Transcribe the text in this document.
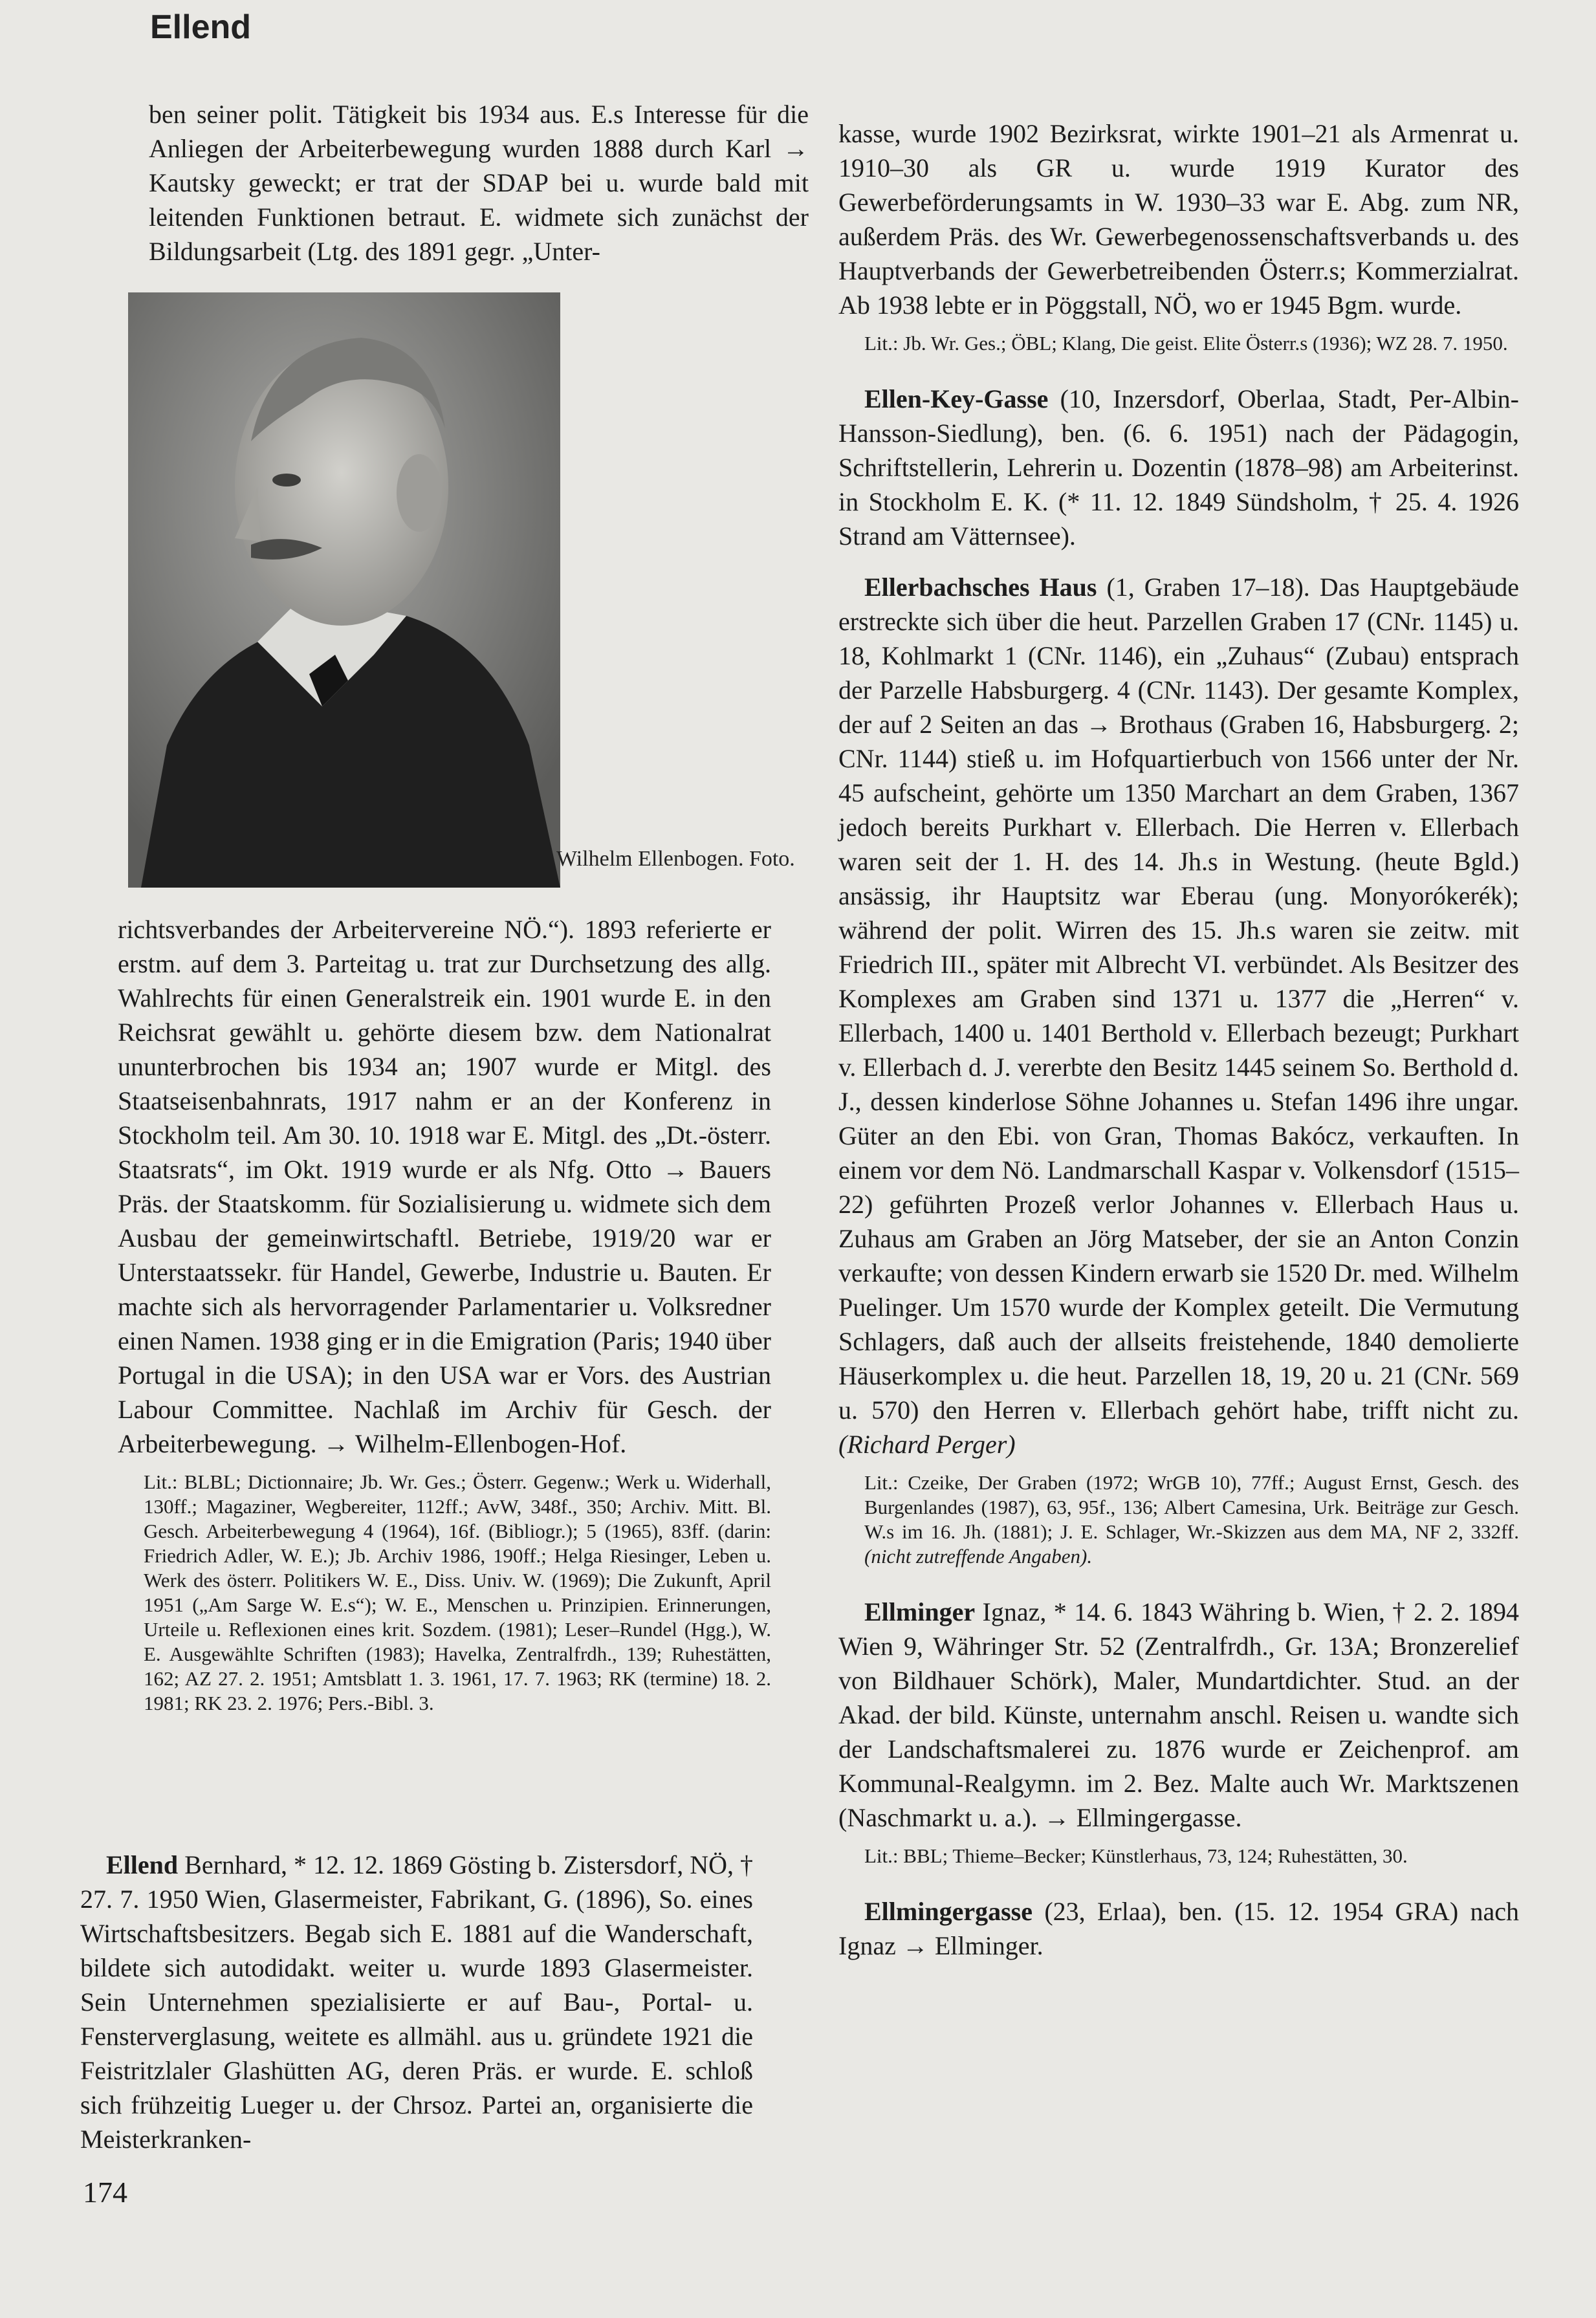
Ellend

ben seiner polit. Tätigkeit bis 1934 aus. E.s Interesse für die Anliegen der Arbeiterbewegung wurden 1888 durch Karl → Kautsky geweckt; er trat der SDAP bei u. wurde bald mit leitenden Funktionen betraut. E. widmete sich zunächst der Bildungsarbeit (Ltg. des 1891 gegr. „Unter-

Wilhelm Ellenbogen. Foto.

richtsverbandes der Arbeitervereine NÖ.“). 1893 referierte er erstm. auf dem 3. Parteitag u. trat zur Durchsetzung des allg. Wahlrechts für einen Generalstreik ein. 1901 wurde E. in den Reichsrat gewählt u. gehörte diesem bzw. dem Nationalrat ununterbrochen bis 1934 an; 1907 wurde er Mitgl. des Staatseisenbahnrats, 1917 nahm er an der Konferenz in Stockholm teil. Am 30. 10. 1918 war E. Mitgl. des „Dt.-österr. Staatsrats“, im Okt. 1919 wurde er als Nfg. Otto → Bauers Präs. der Staatskomm. für Sozialisierung u. widmete sich dem Ausbau der gemeinwirtschaftl. Betriebe, 1919/20 war er Unterstaatssekr. für Handel, Gewerbe, Industrie u. Bauten. Er machte sich als hervorragender Parlamentarier u. Volksredner einen Namen. 1938 ging er in die Emigration (Paris; 1940 über Portugal in die USA); in den USA war er Vors. des Austrian Labour Committee. Nachlaß im Archiv für Gesch. der Arbeiterbewegung. → Wilhelm-Ellenbogen-Hof.

Lit.: BLBL; Dictionnaire; Jb. Wr. Ges.; Österr. Gegenw.; Werk u. Widerhall, 130ff.; Magaziner, Wegbereiter, 112ff.; AvW, 348f., 350; Archiv. Mitt. Bl. Gesch. Arbeiterbewegung 4 (1964), 16f. (Bibliogr.); 5 (1965), 83ff. (darin: Friedrich Adler, W. E.); Jb. Archiv 1986, 190ff.; Helga Riesinger, Leben u. Werk des österr. Politikers W. E., Diss. Univ. W. (1969); Die Zukunft, April 1951 („Am Sarge W. E.s“); W. E., Menschen u. Prinzipien. Erinnerungen, Urteile u. Reflexionen eines krit. Sozdem. (1981); Leser–Rundel (Hgg.), W. E. Ausgewählte Schriften (1983); Havelka, Zentralfrdh., 139; Ruhestätten, 162; AZ 27. 2. 1951; Amtsblatt 1. 3. 1961, 17. 7. 1963; RK (termine) 18. 2. 1981; RK 23. 2. 1976; Pers.-Bibl. 3.

Ellend Bernhard, * 12. 12. 1869 Gösting b. Zistersdorf, NÖ, † 27. 7. 1950 Wien, Glasermeister, Fabrikant, G. (1896), So. eines Wirtschaftsbesitzers. Begab sich E. 1881 auf die Wanderschaft, bildete sich autodidakt. weiter u. wurde 1893 Glasermeister. Sein Unternehmen spezialisierte er auf Bau-, Portal- u. Fensterverglasung, weitete es allmähl. aus u. gründete 1921 die Feistritzlaler Glashütten AG, deren Präs. er wurde. E. schloß sich frühzeitig Lueger u. der Chrsoz. Partei an, organisierte die Meisterkranken-

kasse, wurde 1902 Bezirksrat, wirkte 1901–21 als Armenrat u. 1910–30 als GR u. wurde 1919 Kurator des Gewerbeförderungsamts in W. 1930–33 war E. Abg. zum NR, außerdem Präs. des Wr. Gewerbegenossenschaftsverbands u. des Hauptverbands der Gewerbetreibenden Österr.s; Kommerzialrat. Ab 1938 lebte er in Pöggstall, NÖ, wo er 1945 Bgm. wurde.

Lit.: Jb. Wr. Ges.; ÖBL; Klang, Die geist. Elite Österr.s (1936); WZ 28. 7. 1950.

Ellen-Key-Gasse (10, Inzersdorf, Oberlaa, Stadt, Per-Albin-Hansson-Siedlung), ben. (6. 6. 1951) nach der Pädagogin, Schriftstellerin, Lehrerin u. Dozentin (1878–98) am Arbeiterinst. in Stockholm E. K. (* 11. 12. 1849 Sündsholm, † 25. 4. 1926 Strand am Vätternsee).

Ellerbachsches Haus (1, Graben 17–18). Das Hauptgebäude erstreckte sich über die heut. Parzellen Graben 17 (CNr. 1145) u. 18, Kohlmarkt 1 (CNr. 1146), ein „Zuhaus“ (Zubau) entsprach der Parzelle Habsburgerg. 4 (CNr. 1143). Der gesamte Komplex, der auf 2 Seiten an das → Brothaus (Graben 16, Habsburgerg. 2; CNr. 1144) stieß u. im Hofquartierbuch von 1566 unter der Nr. 45 aufscheint, gehörte um 1350 Marchart an dem Graben, 1367 jedoch bereits Purkhart v. Ellerbach. Die Herren v. Ellerbach waren seit der 1. H. des 14. Jh.s in Westung. (heute Bgld.) ansässig, ihr Hauptsitz war Eberau (ung. Monyorókerék); während der polit. Wirren des 15. Jh.s waren sie zeitw. mit Friedrich III., später mit Albrecht VI. verbündet. Als Besitzer des Komplexes am Graben sind 1371 u. 1377 die „Herren“ v. Ellerbach, 1400 u. 1401 Berthold v. Ellerbach bezeugt; Purkhart v. Ellerbach d. J. vererbte den Besitz 1445 seinem So. Berthold d. J., dessen kinderlose Söhne Johannes u. Stefan 1496 ihre ungar. Güter an den Ebi. von Gran, Thomas Bakócz, verkauften. In einem vor dem Nö. Landmarschall Kaspar v. Volkensdorf (1515–22) geführten Prozeß verlor Johannes v. Ellerbach Haus u. Zuhaus am Graben an Jörg Matseber, der sie an Anton Conzin verkaufte; von dessen Kindern erwarb sie 1520 Dr. med. Wilhelm Puelinger. Um 1570 wurde der Komplex geteilt. Die Vermutung Schlagers, daß auch der allseits freistehende, 1840 demolierte Häuserkomplex u. die heut. Parzellen 18, 19, 20 u. 21 (CNr. 569 u. 570) den Herren v. Ellerbach gehört habe, trifft nicht zu. (Richard Perger)

Lit.: Czeike, Der Graben (1972; WrGB 10), 77ff.; August Ernst, Gesch. des Burgenlandes (1987), 63, 95f., 136; Albert Camesina, Urk. Beiträge zur Gesch. W.s im 16. Jh. (1881); J. E. Schlager, Wr.-Skizzen aus dem MA, NF 2, 332ff. (nicht zutreffende Angaben).

Ellminger Ignaz, * 14. 6. 1843 Währing b. Wien, † 2. 2. 1894 Wien 9, Währinger Str. 52 (Zentralfrdh., Gr. 13A; Bronzerelief von Bildhauer Schörk), Maler, Mundartdichter. Stud. an der Akad. der bild. Künste, unternahm anschl. Reisen u. wandte sich der Landschaftsmalerei zu. 1876 wurde er Zeichenprof. am Kommunal-Realgymn. im 2. Bez. Malte auch Wr. Marktszenen (Naschmarkt u. a.). → Ellmingergasse.

Lit.: BBL; Thieme–Becker; Künstlerhaus, 73, 124; Ruhestätten, 30.

Ellmingergasse (23, Erlaa), ben. (15. 12. 1954 GRA) nach Ignaz → Ellminger.

174
